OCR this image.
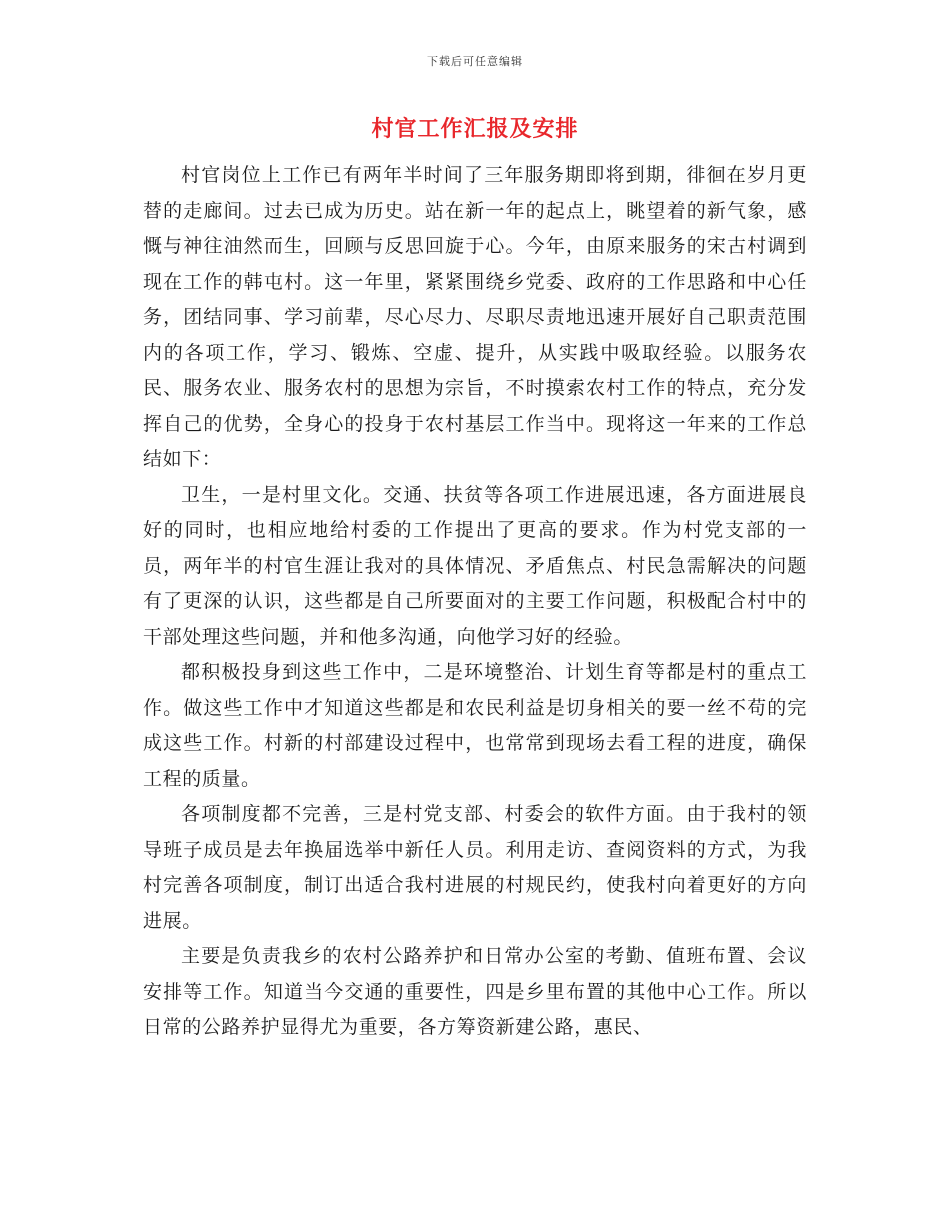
下载后可任意编辑
村官工作汇报及安排

村官岗位上工作已有两年半时间了三年服务期即将到期，徘徊在岁月更替的走廊间。过去已成为历史。站在新一年的起点上，眺望着的新气象，感慨与神往油然而生，回顾与反思回旋于心。今年，由原来服务的宋古村调到现在工作的韩屯村。这一年里，紧紧围绕乡党委、政府的工作思路和中心任务，团结同事、学习前辈，尽心尽力、尽职尽责地迅速开展好自己职责范围内的各项工作，学习、锻炼、空虚、提升，从实践中吸取经验。以服务农民、服务农业、服务农村的思想为宗旨，不时摸索农村工作的特点，充分发挥自己的优势，全身心的投身于农村基层工作当中。现将这一年来的工作总结如下：

卫生，一是村里文化。交通、扶贫等各项工作进展迅速，各方面进展良好的同时，也相应地给村委的工作提出了更高的要求。作为村党支部的一员，两年半的村官生涯让我对的具体情况、矛盾焦点、村民急需解决的问题有了更深的认识，这些都是自己所要面对的主要工作问题，积极配合村中的干部处理这些问题，并和他多沟通，向他学习好的经验。

都积极投身到这些工作中，二是环境整治、计划生育等都是村的重点工作。做这些工作中才知道这些都是和农民利益是切身相关的要一丝不苟的完成这些工作。村新的村部建设过程中，也常常到现场去看工程的进度，确保工程的质量。

各项制度都不完善，三是村党支部、村委会的软件方面。由于我村的领导班子成员是去年换届选举中新任人员。利用走访、查阅资料的方式，为我村完善各项制度，制订出适合我村进展的村规民约，使我村向着更好的方向进展。

主要是负责我乡的农村公路养护和日常办公室的考勤、值班布置、会议安排等工作。知道当今交通的重要性，四是乡里布置的其他中心工作。所以日常的公路养护显得尤为重要，各方筹资新建公路，惠民、
